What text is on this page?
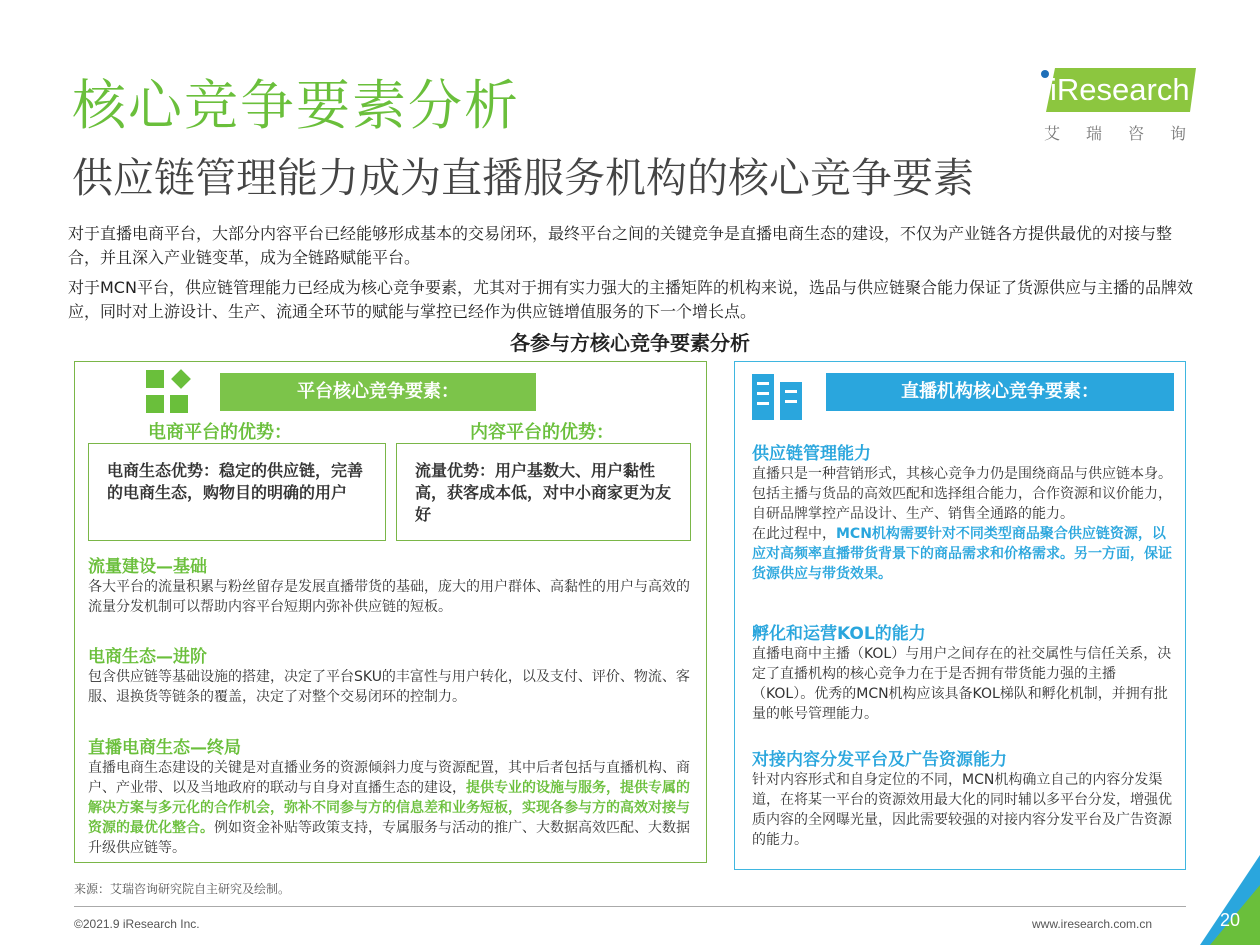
核心竞争要素分析
供应链管理能力成为直播服务机构的核心竞争要素
iResearch
艾瑞咨询
对于直播电商平台，大部分内容平台已经能够形成基本的交易闭环，最终平台之间的关键竞争是直播电商生态的建设，不仅为产业链各方提供最优的对接与整合，并且深入产业链变革，成为全链路赋能平台。
对于MCN平台，供应链管理能力已经成为核心竞争要素，尤其对于拥有实力强大的主播矩阵的机构来说，选品与供应链聚合能力保证了货源供应与主播的品牌效应，同时对上游设计、生产、流通全环节的赋能与掌控已经作为供应链增值服务的下一个增长点。
各参与方核心竞争要素分析
平台核心竞争要素：
电商平台的优势：	内容平台的优势：
电商生态优势：稳定的供应链，完善的电商生态，购物目的明确的用户
流量优势：用户基数大、用户黏性高，获客成本低，对中小商家更为友好
流量建设—基础
各大平台的流量积累与粉丝留存是发展直播带货的基础，庞大的用户群体、高黏性的用户与高效的流量分发机制可以帮助内容平台短期内弥补供应链的短板。
电商生态—进阶
包含供应链等基础设施的搭建，决定了平台SKU的丰富性与用户转化，以及支付、评价、物流、客服、退换货等链条的覆盖，决定了对整个交易闭环的控制力。
直播电商生态—终局
直播电商生态建设的关键是对直播业务的资源倾斜力度与资源配置，其中后者包括与直播机构、商户、产业带、以及当地政府的联动与自身对直播生态的建设，提供专业的设施与服务，提供专属的解决方案与多元化的合作机会，弥补不同参与方的信息差和业务短板，实现各参与方的高效对接与资源的最优化整合。例如资金补贴等政策支持，专属服务与活动的推广、大数据高效匹配、大数据升级供应链等。
直播机构核心竞争要素：
供应链管理能力
直播只是一种营销形式，其核心竞争力仍是围绕商品与供应链本身。包括主播与货品的高效匹配和选择组合能力，合作资源和议价能力，自研品牌掌控产品设计、生产、销售全通路的能力。
在此过程中，MCN机构需要针对不同类型商品聚合供应链资源，以应对高频率直播带货背景下的商品需求和价格需求。另一方面，保证货源供应与带货效果。
孵化和运营KOL的能力
直播电商中主播（KOL）与用户之间存在的社交属性与信任关系，决定了直播机构的核心竞争力在于是否拥有带货能力强的主播（KOL）。优秀的MCN机构应该具备KOL梯队和孵化机制，并拥有批量的帐号管理能力。
对接内容分发平台及广告资源能力
针对内容形式和自身定位的不同，MCN机构确立自己的内容分发渠道，在将某一平台的资源效用最大化的同时辅以多平台分发，增强优质内容的全网曝光量，因此需要较强的对接内容分发平台及广告资源的能力。
来源：艾瑞咨询研究院自主研究及绘制。
©2021.9 iResearch Inc.	www.iresearch.com.cn	20
